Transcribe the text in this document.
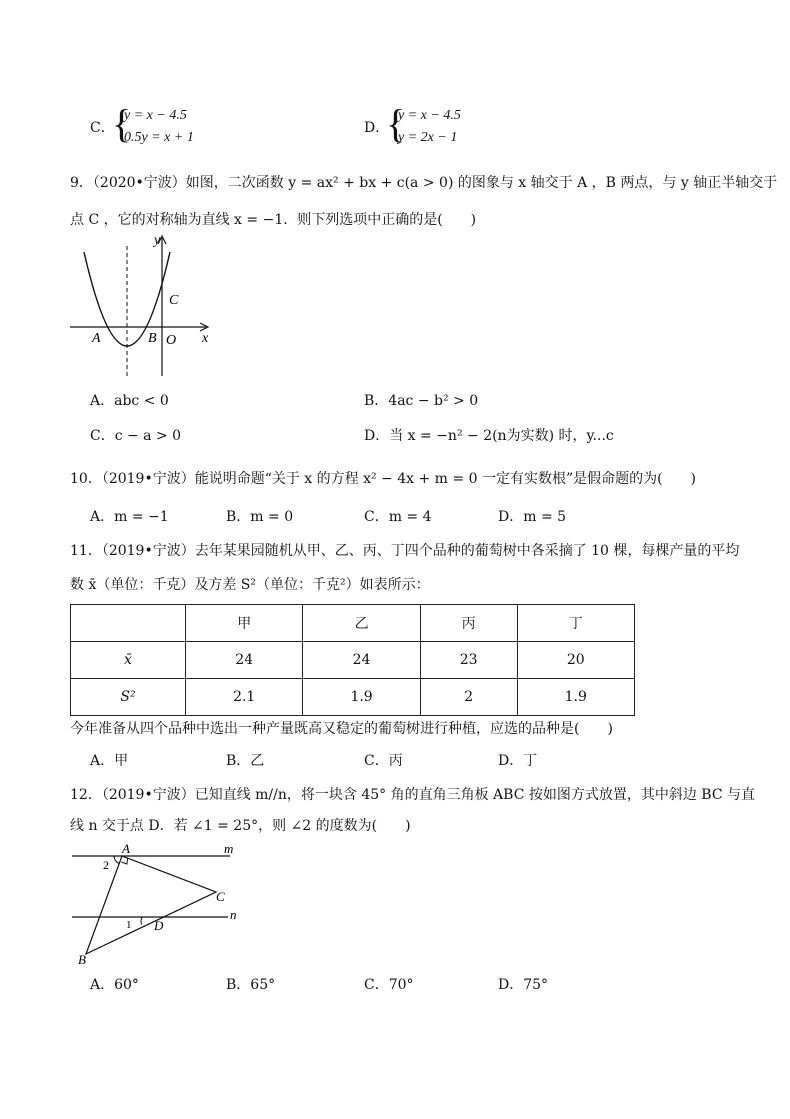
C．
{
y = x − 4.5
0.5y = x + 1
D．
{
y = x − 4.5
y = 2x − 1
9．（2020•宁波）如图，二次函数 y = ax² + bx + c(a > 0) 的图象与 x 轴交于 A ，B 两点，与 y 轴正半轴交于
点 C ，它的对称轴为直线 x = −1．则下列选项中正确的是(　　)
y
x
A	B
C
O
A．abc < 0	B．4ac − b² > 0
C．c − a > 0	D．当 x = −n² − 2(n为实数) 时，y...c
10．（2019•宁波）能说明命题“关于 x 的方程 x² − 4x + m = 0 一定有实数根”是假命题的为(　　)
A．m = −1	B．m = 0	C．m = 4	D．m = 5
11．（2019•宁波）去年某果园随机从甲、乙、丙、丁四个品种的葡萄树中各采摘了 10 棵，每棵产量的平均
数 x̄（单位：千克）及方差 S²（单位：千克²）如表所示：
	甲	乙	丙	丁
x̄	24	24	23	20
S²	2.1	1.9	2	1.9
今年准备从四个品种中选出一种产量既高又稳定的葡萄树进行种植，应选的品种是(　　)
A．甲	B．乙	C．丙	D．丁
12．（2019•宁波）已知直线 m//n，将一块含 45° 角的直角三角板 ABC 按如图方式放置，其中斜边 BC 与直
线 n 交于点 D．若 ∠1 = 25°，则 ∠2 的度数为(　　)
A
B
C
D
m
n
1
2
A．60°	B．65°	C．70°	D．75°
